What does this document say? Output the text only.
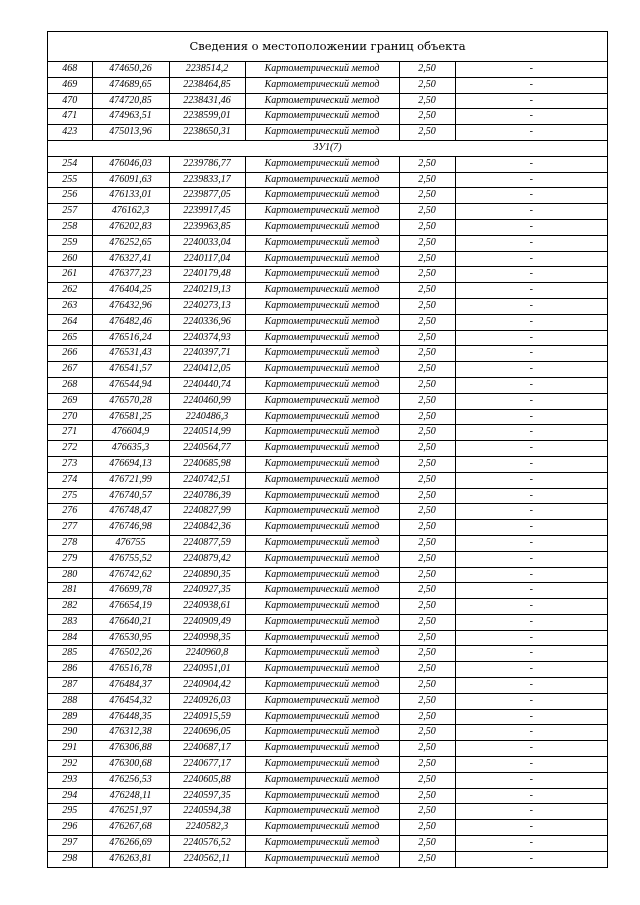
Сведения о местоположении границ объекта
468	474650,26	2238514,2	Картометрический метод	2,50	-
469	474689,65	2238464,85	Картометрический метод	2,50	-
470	474720,85	2238431,46	Картометрический метод	2,50	-
471	474963,51	2238599,01	Картометрический метод	2,50	-
423	475013,96	2238650,31	Картометрический метод	2,50	-
ЗУ1(7)					
254	476046,03	2239786,77	Картометрический метод	2,50	-
255	476091,63	2239833,17	Картометрический метод	2,50	-
256	476133,01	2239877,05	Картометрический метод	2,50	-
257	476162,3	2239917,45	Картометрический метод	2,50	-
258	476202,83	2239963,85	Картометрический метод	2,50	-
259	476252,65	2240033,04	Картометрический метод	2,50	-
260	476327,41	2240117,04	Картометрический метод	2,50	-
261	476377,23	2240179,48	Картометрический метод	2,50	-
262	476404,25	2240219,13	Картометрический метод	2,50	-
263	476432,96	2240273,13	Картометрический метод	2,50	-
264	476482,46	2240336,96	Картометрический метод	2,50	-
265	476516,24	2240374,93	Картометрический метод	2,50	-
266	476531,43	2240397,71	Картометрический метод	2,50	-
267	476541,57	2240412,05	Картометрический метод	2,50	-
268	476544,94	2240440,74	Картометрический метод	2,50	-
269	476570,28	2240460,99	Картометрический метод	2,50	-
270	476581,25	2240486,3	Картометрический метод	2,50	-
271	476604,9	2240514,99	Картометрический метод	2,50	-
272	476635,3	2240564,77	Картометрический метод	2,50	-
273	476694,13	2240685,98	Картометрический метод	2,50	-
274	476721,99	2240742,51	Картометрический метод	2,50	-
275	476740,57	2240786,39	Картометрический метод	2,50	-
276	476748,47	2240827,99	Картометрический метод	2,50	-
277	476746,98	2240842,36	Картометрический метод	2,50	-
278	476755	2240877,59	Картометрический метод	2,50	-
279	476755,52	2240879,42	Картометрический метод	2,50	-
280	476742,62	2240890,35	Картометрический метод	2,50	-
281	476699,78	2240927,35	Картометрический метод	2,50	-
282	476654,19	2240938,61	Картометрический метод	2,50	-
283	476640,21	2240909,49	Картометрический метод	2,50	-
284	476530,95	2240998,35	Картометрический метод	2,50	-
285	476502,26	2240960,8	Картометрический метод	2,50	-
286	476516,78	2240951,01	Картометрический метод	2,50	-
287	476484,37	2240904,42	Картометрический метод	2,50	-
288	476454,32	2240926,03	Картометрический метод	2,50	-
289	476448,35	2240915,59	Картометрический метод	2,50	-
290	476312,38	2240696,05	Картометрический метод	2,50	-
291	476306,88	2240687,17	Картометрический метод	2,50	-
292	476300,68	2240677,17	Картометрический метод	2,50	-
293	476256,53	2240605,88	Картометрический метод	2,50	-
294	476248,11	2240597,35	Картометрический метод	2,50	-
295	476251,97	2240594,38	Картометрический метод	2,50	-
296	476267,68	2240582,3	Картометрический метод	2,50	-
297	476266,69	2240576,52	Картометрический метод	2,50	-
298	476263,81	2240562,11	Картометрический метод	2,50	-
